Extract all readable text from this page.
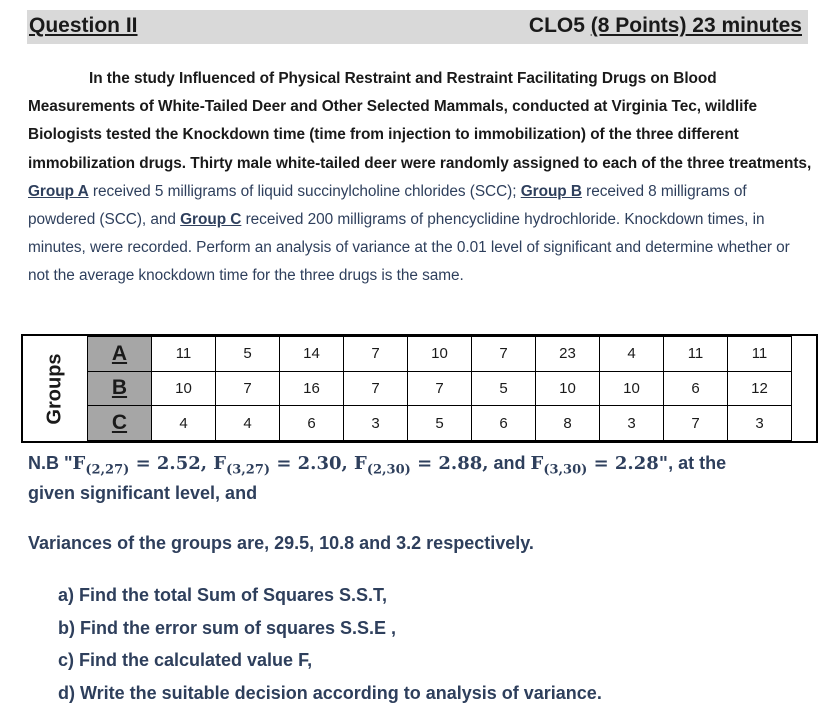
Question II	CLO5 (8 Points) 23 minutes
In the study Influenced of Physical Restraint and Restraint Facilitating Drugs on Blood Measurements of White-Tailed Deer and Other Selected Mammals, conducted at Virginia Tec, wildlife Biologists tested the Knockdown time (time from injection to immobilization) of the three different immobilization drugs. Thirty male white-tailed deer were randomly assigned to each of the three treatments, Group A received 5 milligrams of liquid succinylcholine chlorides (SCC); Group B received 8 milligrams of powdered (SCC), and Group C received 200 milligrams of phencyclidine hydrochloride. Knockdown times, in minutes, were recorded. Perform an analysis of variance at the 0.01 level of significant and determine whether or not the average knockdown time for the three drugs is the same.
Groups A	11	5	14	7	10	7	23	4	11	11
B	10	7	16	7	7	5	10	10	6	12
C	4	4	6	3	5	6	8	3	7	3
N.B "$F_{(2,27)} = 2.52$, $F_{(3,27)} = 2.30$, $F_{(2,30)} = 2.88$, and $F_{(3,30)} = 2.28$", at the
given significant level, and
Variances of the groups are, 29.5, 10.8 and 3.2 respectively.
a) Find the total Sum of Squares S.S.T,
b) Find the error sum of squares S.S.E ,
c) Find the calculated value F,
d) Write the suitable decision according to analysis of variance.
